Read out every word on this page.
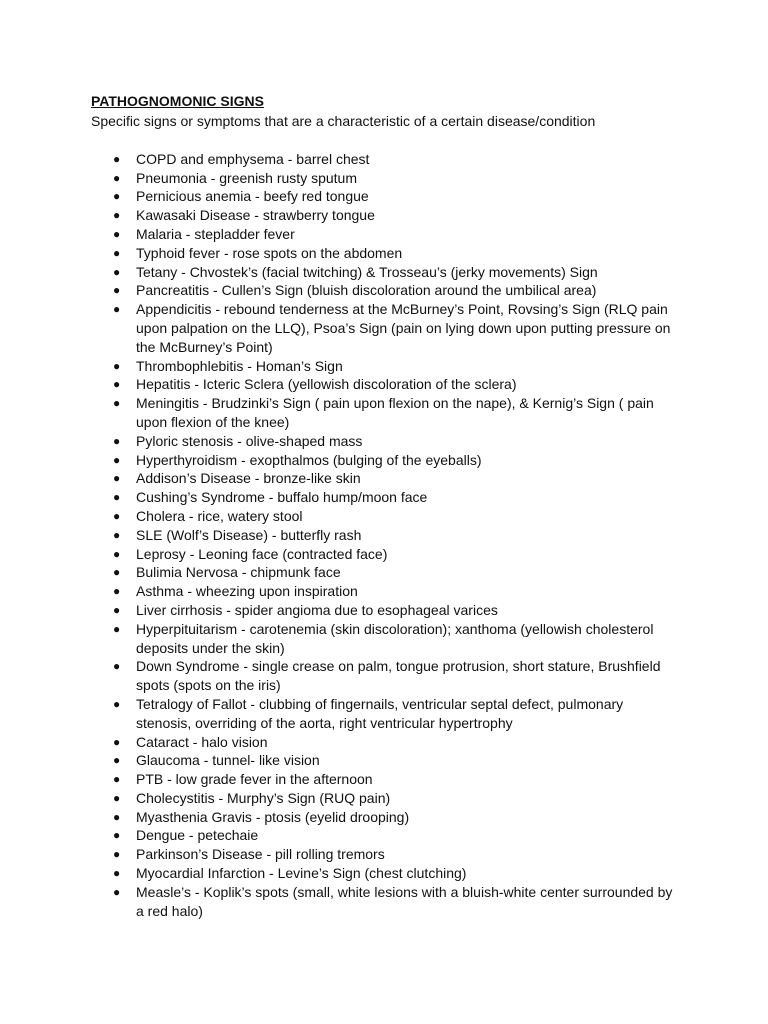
PATHOGNOMONIC SIGNS

Specific signs or symptoms that are a characteristic of a certain disease/condition

● COPD and emphysema - barrel chest
● Pneumonia - greenish rusty sputum
● Pernicious anemia - beefy red tongue
● Kawasaki Disease - strawberry tongue
● Malaria - stepladder fever
● Typhoid fever - rose spots on the abdomen
● Tetany - Chvostek’s (facial twitching) & Trosseau’s (jerky movements) Sign
● Pancreatitis - Cullen’s Sign (bluish discoloration around the umbilical area)
● Appendicitis - rebound tenderness at the McBurney’s Point, Rovsing’s Sign (RLQ pain upon palpation on the LLQ), Psoa’s Sign (pain on lying down upon putting pressure on the McBurney’s Point)
● Thrombophlebitis - Homan’s Sign
● Hepatitis - Icteric Sclera (yellowish discoloration of the sclera)
● Meningitis - Brudzinki’s Sign ( pain upon flexion on the nape), & Kernig’s Sign ( pain upon flexion of the knee)
● Pyloric stenosis - olive-shaped mass
● Hyperthyroidism - exopthalmos (bulging of the eyeballs)
● Addison’s Disease - bronze-like skin
● Cushing’s Syndrome - buffalo hump/moon face
● Cholera - rice, watery stool
● SLE (Wolf’s Disease) - butterfly rash
● Leprosy - Leoning face (contracted face)
● Bulimia Nervosa - chipmunk face
● Asthma - wheezing upon inspiration
● Liver cirrhosis - spider angioma due to esophageal varices
● Hyperpituitarism - carotenemia (skin discoloration); xanthoma (yellowish cholesterol deposits under the skin)
● Down Syndrome - single crease on palm, tongue protrusion, short stature, Brushfield spots (spots on the iris)
● Tetralogy of Fallot - clubbing of fingernails, ventricular septal defect, pulmonary stenosis, overriding of the aorta, right ventricular hypertrophy
● Cataract - halo vision
● Glaucoma - tunnel- like vision
● PTB - low grade fever in the afternoon
● Cholecystitis - Murphy’s Sign (RUQ pain)
● Myasthenia Gravis - ptosis (eyelid drooping)
● Dengue - petechaie
● Parkinson’s Disease - pill rolling tremors
● Myocardial Infarction - Levine’s Sign (chest clutching)
● Measle’s - Koplik’s spots (small, white lesions with a bluish-white center surrounded by a red halo)
